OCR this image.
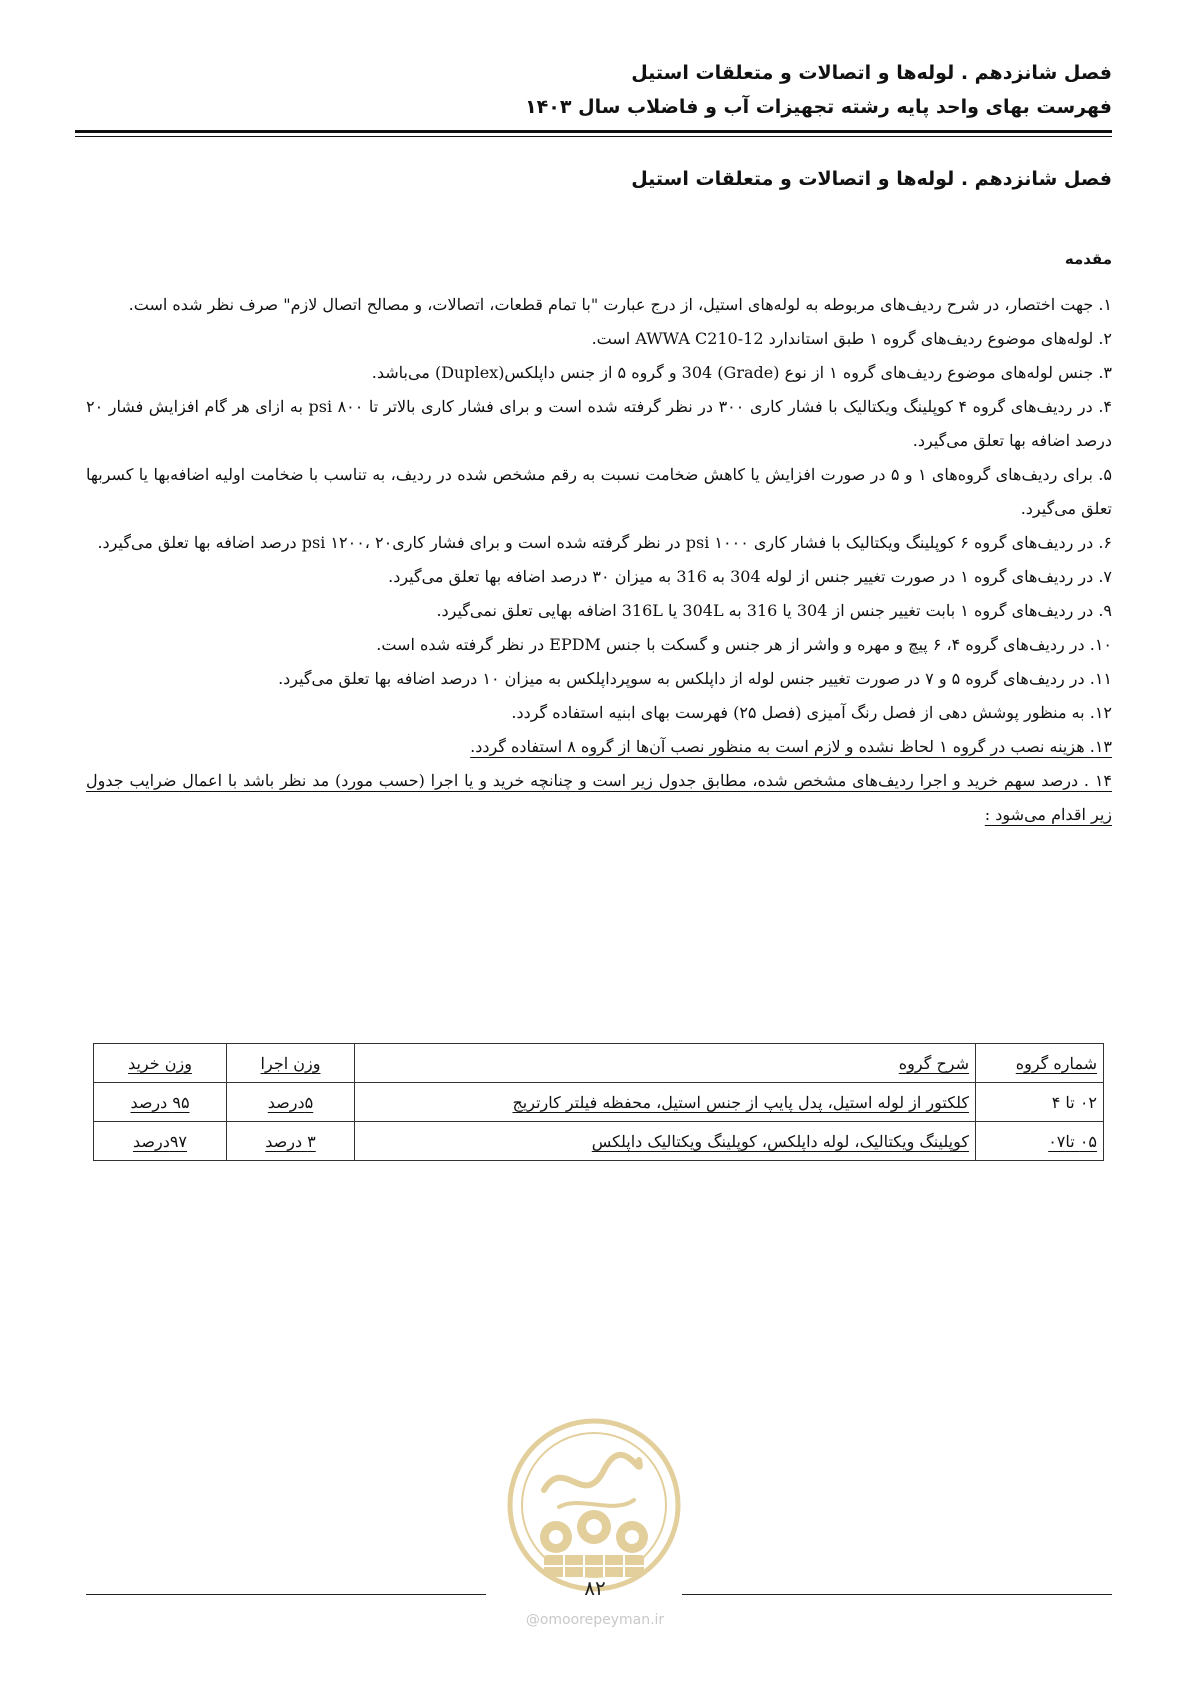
فصل شانزدهم . لوله‌ها و اتصالات و متعلقات استیل
فهرست بهای واحد پایه رشته تجهیزات آب و فاضلاب سال ۱۴۰۳
فصل شانزدهم . لوله‌ها و اتصالات و متعلقات استیل
مقدمه

۱. جهت اختصار، در شرح ردیف‌های مربوطه به لوله‌های استیل، از درج عبارت "با تمام قطعات، اتصالات، و مصالح اتصال لازم" صرف نظر شده است.

۲. لوله‌های موضوع ردیف‌های گروه ۱ طبق استاندارد AWWA C210-12 است.

۳. جنس لوله‌های موضوع ردیف‌های گروه ۱ از نوع (Grade) 304 و گروه ۵ از جنس داپلکس(Duplex) می‌باشد.

۴. در ردیف‌های گروه ۴ کوپلینگ ویکتالیک با فشار کاری ۳۰۰ در نظر گرفته شده است و برای فشار کاری بالاتر تا psi ۸۰۰ به ازای هر گام افزایش فشار ۲۰ درصد اضافه بها تعلق می‌گیرد.

۵. برای ردیف‌های گروه‌های ۱ و ۵ در صورت افزایش یا کاهش ضخامت نسبت به رقم مشخص شده در ردیف، به تناسب با ضخامت اولیه اضافه‌بها یا کسربها تعلق می‌گیرد.

۶. در ردیف‌های گروه ۶ کوپلینگ ویکتالیک با فشار کاری psi ۱۰۰۰ در نظر گرفته شده است و برای فشار کاریpsi ۱۲۰۰، ۲۰ درصد اضافه بها تعلق می‌گیرد.

۷. در ردیف‌های گروه ۱ در صورت تغییر جنس از لوله 304 به 316 به میزان ۳۰ درصد اضافه بها تعلق می‌گیرد.

۹. در ردیف‌های گروه ۱ بابت تغییر جنس از 304 یا 316 به 304L یا 316L اضافه بهایی تعلق نمی‌گیرد.

۱۰. در ردیف‌های گروه ۴، ۶ پیچ و مهره و واشر از هر جنس و گسکت با جنس EPDM در نظر گرفته شده است.

۱۱. در ردیف‌های گروه ۵ و ۷ در صورت تغییر جنس لوله از داپلکس به سوپرداپلکس به میزان ۱۰ درصد اضافه بها تعلق می‌گیرد.

۱۲. به منظور پوشش دهی از فصل رنگ آمیزی (فصل ۲۵) فهرست بهای ابنیه استفاده گردد.

۱۳. هزینه نصب در گروه ۱ لحاظ نشده و لازم است به منظور نصب آن‌ها از گروه ۸ استفاده گردد.

۱۴ . درصد سهم خرید و اجرا ردیف‌های مشخص شده، مطابق جدول زیر است و چنانچه خرید و یا اجرا (حسب مورد) مد نظر باشد با اعمال ضرایب جدول زیر اقدام می‌شود :

شماره گروه	شرح گروه	وزن اجرا	وزن خرید
۰۲ تا ۴	کلکتور از لوله استیل، پدل پایپ از جنس استیل، محفظه فیلتر کارتریج	۵درصد	۹۵ درصد
۰۵ تا۰۷	کوپلینگ ویکتالیک، لوله داپلکس، کوپلینگ ویکتالیک داپلکس	۳ درصد	۹۷درصد
۸۲
@omoorepeyman.ir
